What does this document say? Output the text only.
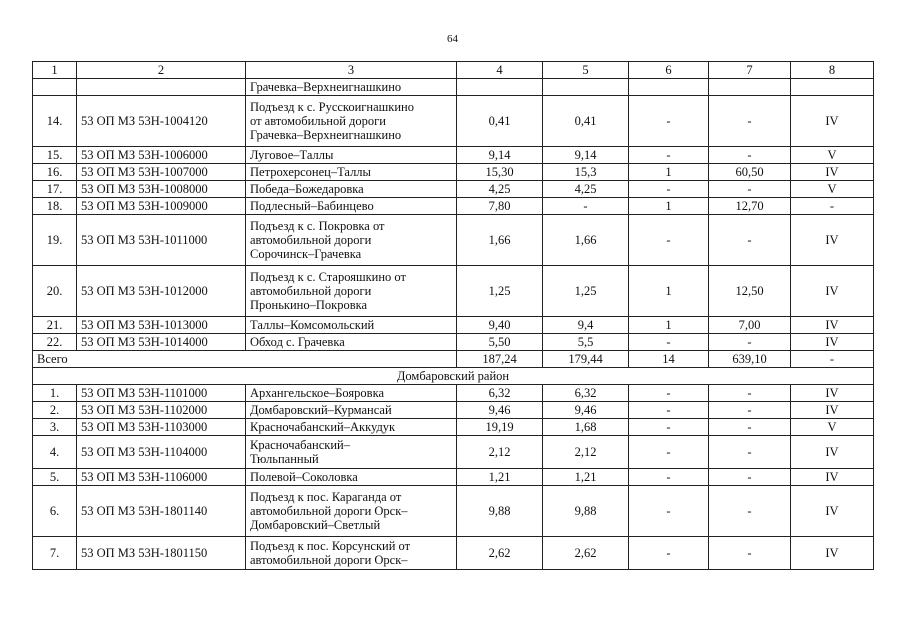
64
1	2	3	4	5	6	7	8
		Грачевка–Верхнеигнашкино					
14.	53 ОП МЗ 53Н-1004120	Подъезд к с. Русскоигнашкино
от автомобильной дороги
Грачевка–Верхнеигнашкино	0,41	0,41	-	-	IV
15.	53 ОП МЗ 53Н-1006000	Луговое–Таллы	9,14	9,14	-	-	V
16.	53 ОП МЗ 53Н-1007000	Петрохерсонец–Таллы	15,30	15,3	1	60,50	IV
17.	53 ОП МЗ 53Н-1008000	Победа–Божедаровка	4,25	4,25	-	-	V
18.	53 ОП МЗ 53Н-1009000	Подлесный–Бабинцево	7,80	-	1	12,70	-
19.	53 ОП МЗ 53Н-1011000	Подъезд к с. Покровка от
автомобильной дороги
Сорочинск–Грачевка	1,66	1,66	-	-	IV
20.	53 ОП МЗ 53Н-1012000	Подъезд к с. Старояшкино от
автомобильной дороги
Пронькино–Покровка	1,25	1,25	1	12,50	IV
21.	53 ОП МЗ 53Н-1013000	Таллы–Комсомольский	9,40	9,4	1	7,00	IV
22.	53 ОП МЗ 53Н-1014000	Обход с. Грачевка	5,50	5,5	-	-	IV
Всего			187,24	179,44	14	639,10	-
Домбаровский район							
1.	53 ОП МЗ 53Н-1101000	Архангельское–Бояровка	6,32	6,32	-	-	IV
2.	53 ОП МЗ 53Н-1102000	Домбаровский–Курмансай	9,46	9,46	-	-	IV
3.	53 ОП МЗ 53Н-1103000	Красночабанский–Аккудук	19,19	1,68	-	-	V
4.	53 ОП МЗ 53Н-1104000	Красночабанский–
Тюльпанный	2,12	2,12	-	-	IV
5.	53 ОП МЗ 53Н-1106000	Полевой–Соколовка	1,21	1,21	-	-	IV
6.	53 ОП МЗ 53Н-1801140	Подъезд к пос. Караганда от
автомобильной дороги Орск–
Домбаровский–Светлый	9,88	9,88	-	-	IV
7.	53 ОП МЗ 53Н-1801150	Подъезд к пос. Корсунский от
автомобильной дороги Орск–	2,62	2,62	-	-	IV
